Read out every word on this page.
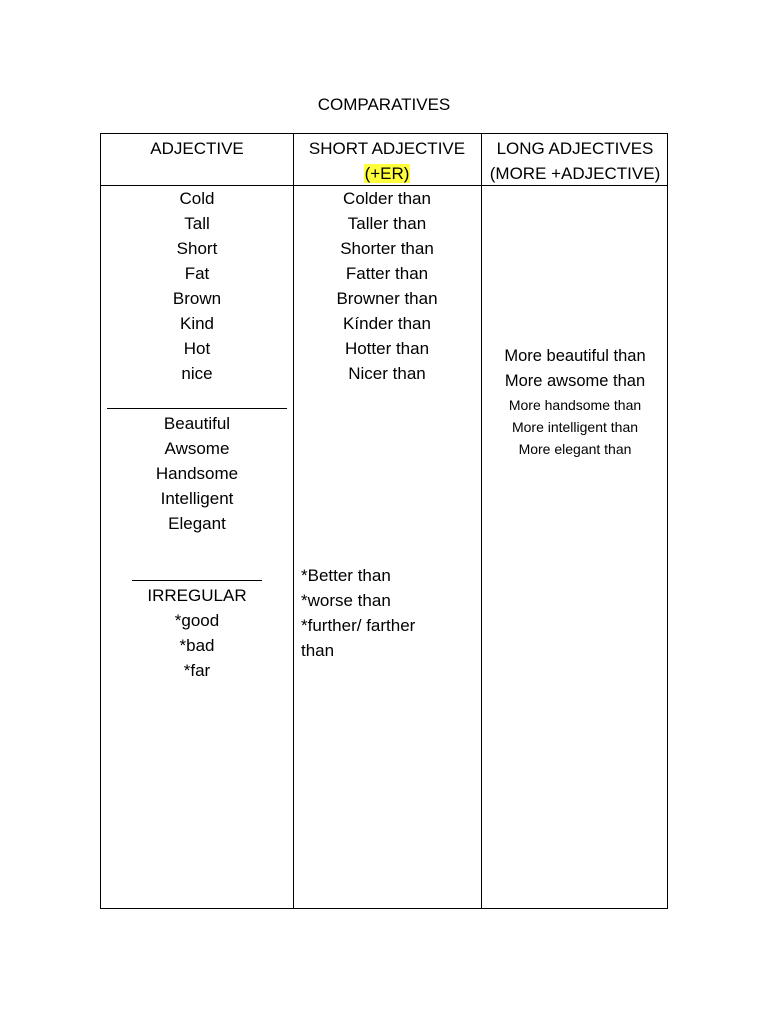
COMPARATIVES
ADJECTIVE	SHORT ADJECTIVE
(+ER)
LONG ADJECTIVES
(MORE +ADJECTIVE)
Cold
Tall
Short
Fat
Brown
Kind
Hot
nice
Beautiful
Awsome
Handsome
Intelligent
Elegant
IRREGULAR
*good
*bad
*far
Colder than
Taller than
Shorter than
Fatter than
Browner than
Kínder than
Hotter than
Nicer than
*Better than
*worse than
*further/ farther
than
More beautiful than
More awsome than
More handsome than
More intelligent than
More elegant than
